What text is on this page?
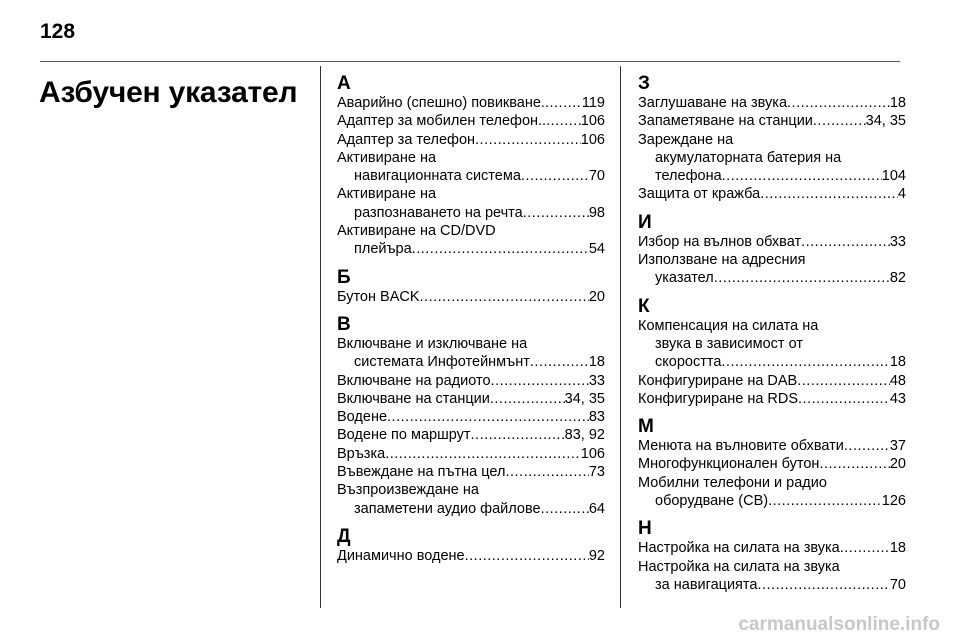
128
Азбучен указател А
Аварийно (спешно) повикване. .....	119
Адаптер за мобилен телефон.. ..... 106
Адаптер за телефон .....	106
Активиране на
навигационната система .....	70
Активиране на
разпознаването на речта .....	98
Активиране на CD/DVD
плейъра .....	54
Б
Бутон BACK .....	20
В
Включване и изключване на
системата Инфотейнмънт .....	18
Включване на радиото .....	33
Включване на станции .....	34, 35
Водене .....	83
Водене по маршрут .....	83, 92
Връзка .....	106
Въвеждане на пътна цел .....	73
Възпроизвеждане на
запаметени аудио файлове .....	64
Д
Динамично водене .....	92
З
Заглушаване на звука .....	18
Запаметяване на станции .....	34, 35
Зареждане на
акумулаторната батерия на
телефона .....	104
Защита от кражба .....	4
И
Избор на вълнов обхват .....	33
Използване на адресния
указател .....	82
К
Компенсация на силата на
звука в зависимост от
скоростта .....	18
Конфигуриране на DAB .....	48
Конфигуриране на RDS .....	43
М
Менюта на вълновите обхвати .....	37
Многофункционален бутон .....	20
Мобилни телефони и радио
оборудване (CB) .....	126
Н
Настройка на силата на звука .....	18
Настройка на силата на звука
за навигацията .....	70
carmanualsonline.info
